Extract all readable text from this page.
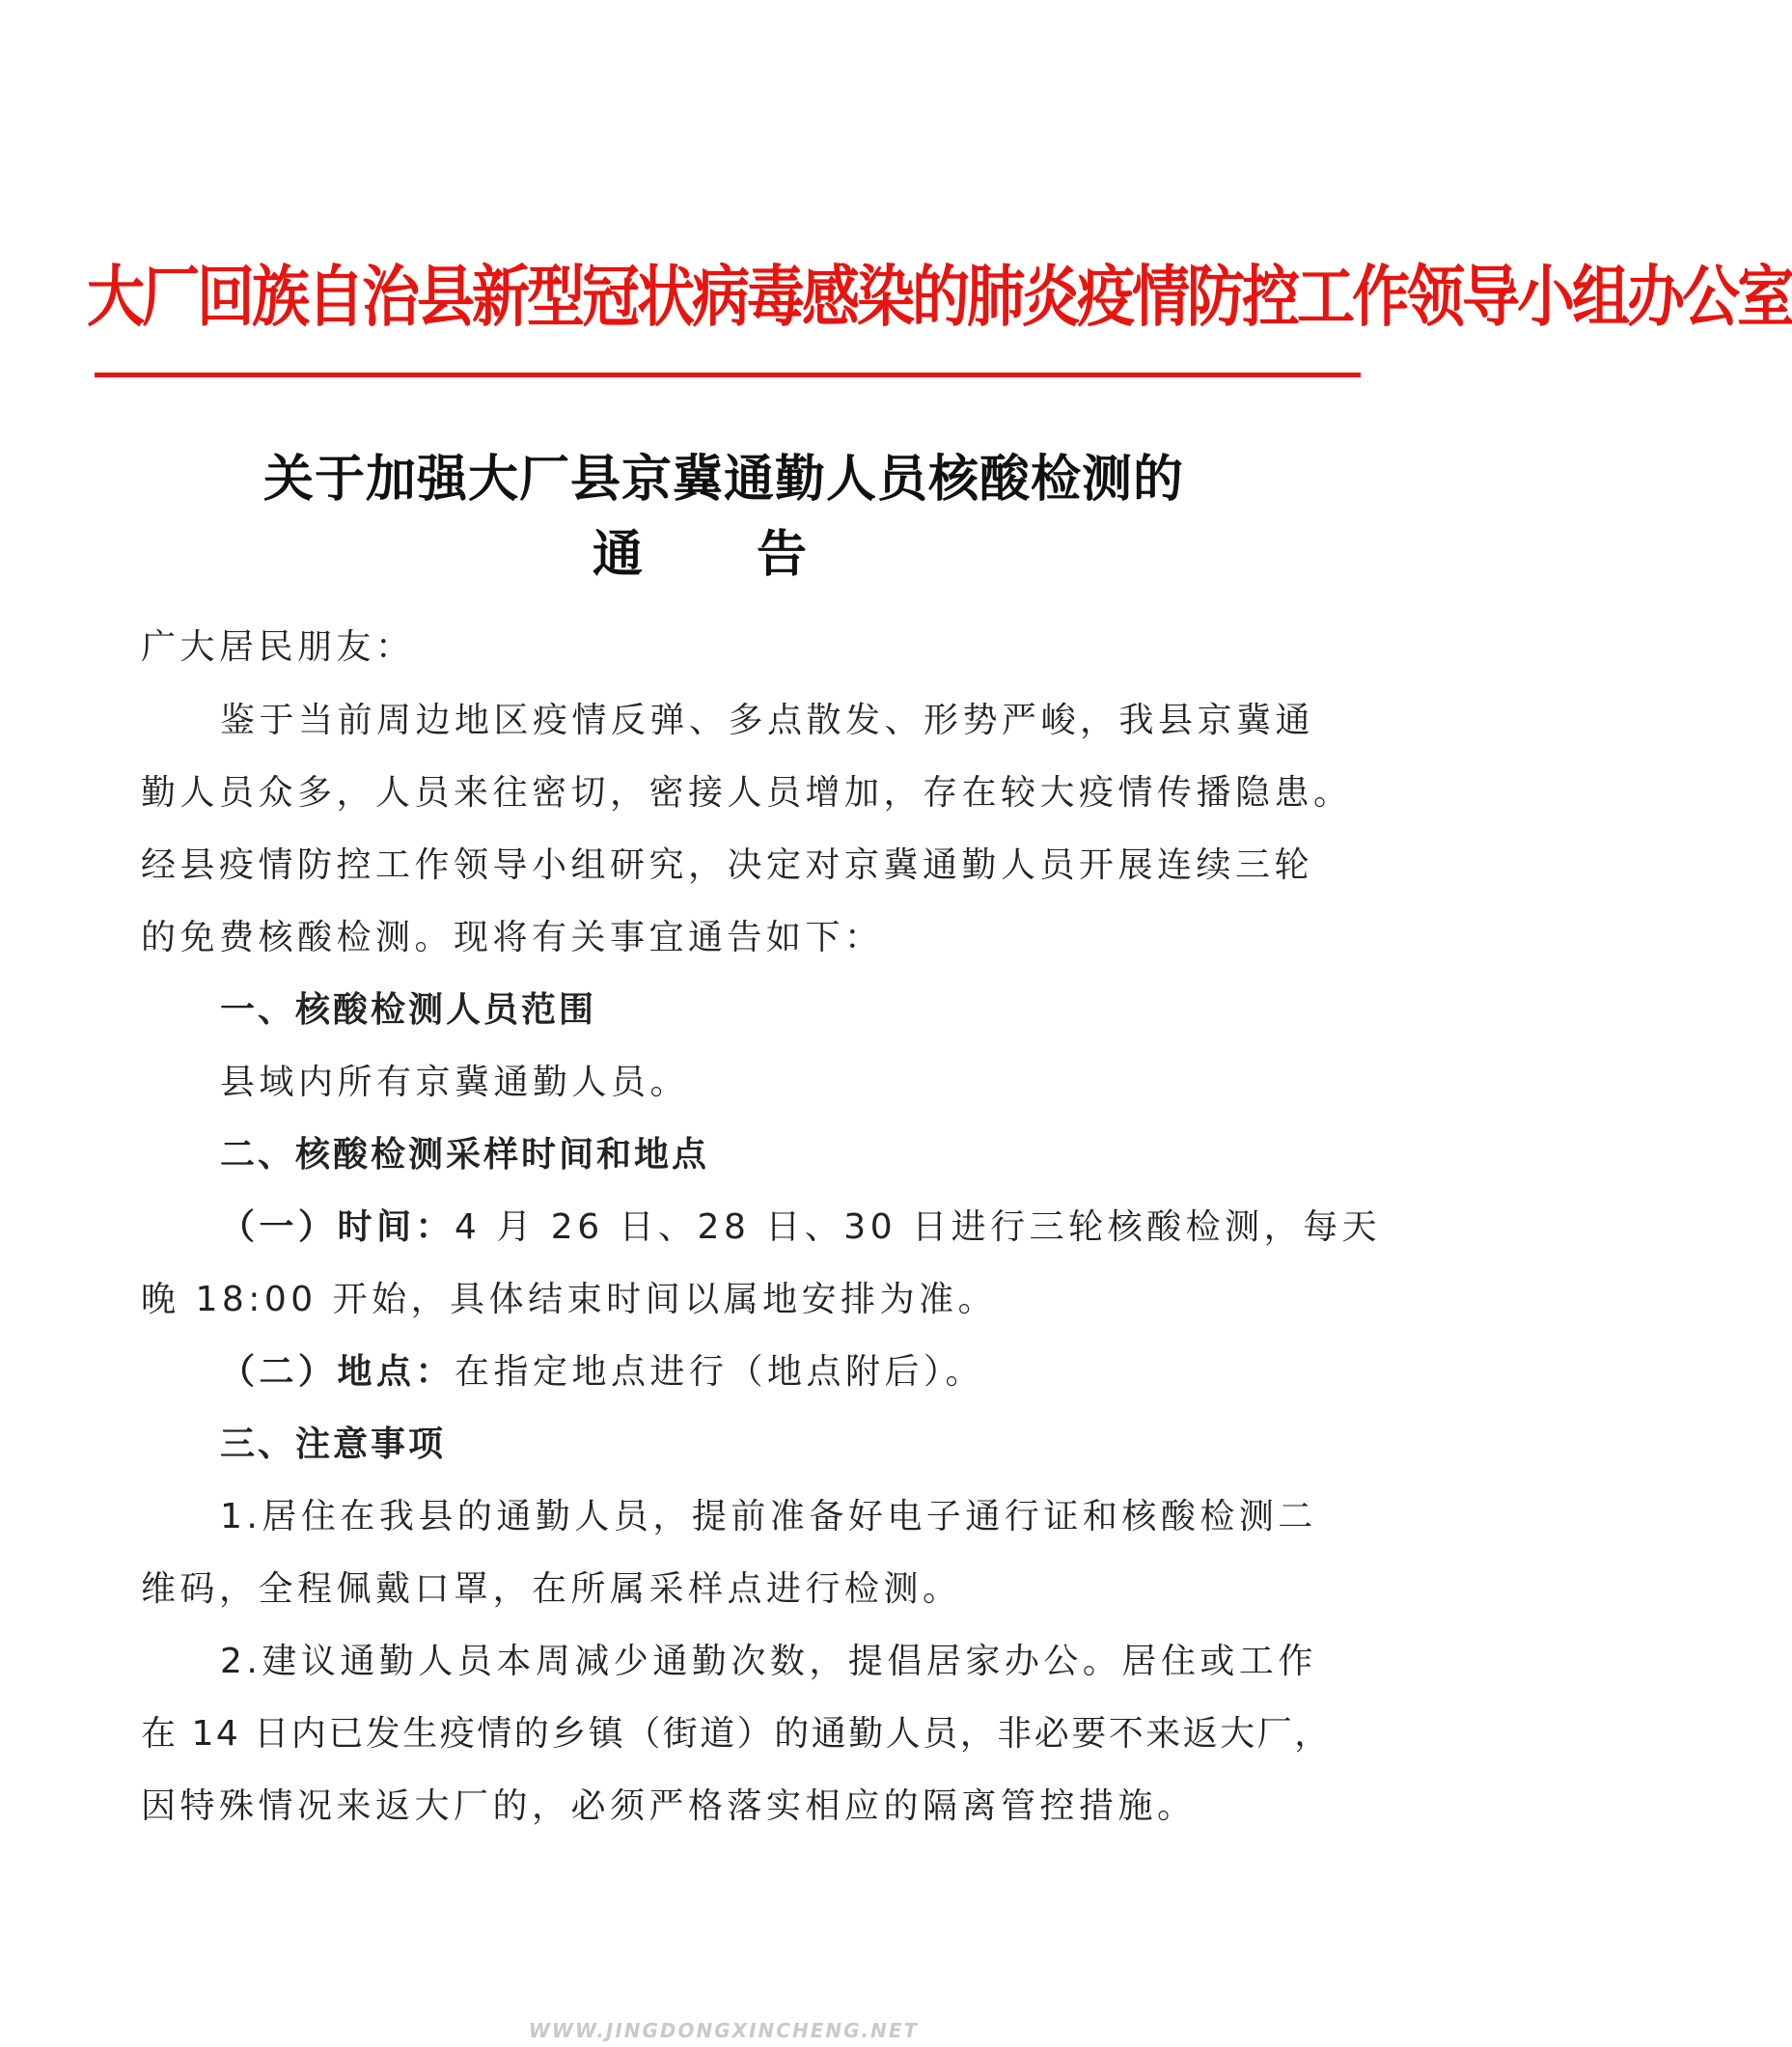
大厂回族自治县新型冠状病毒感染的肺炎疫情防控工作领导小组办公室
关于加强大厂县京冀通勤人员核酸检测的
通 告
广大居民朋友：
鉴于当前周边地区疫情反弹、多点散发、形势严峻，我县京冀通
勤人员众多，人员来往密切，密接人员增加，存在较大疫情传播隐患。
经县疫情防控工作领导小组研究，决定对京冀通勤人员开展连续三轮
的免费核酸检测。现将有关事宜通告如下：
一、核酸检测人员范围
县域内所有京冀通勤人员。
二、核酸检测采样时间和地点
（一）时间：4 月 26 日、28 日、30 日进行三轮核酸检测，每天
晚 18:00 开始，具体结束时间以属地安排为准。
（二）地点：在指定地点进行（地点附后）。
三、注意事项
1.居住在我县的通勤人员，提前准备好电子通行证和核酸检测二
维码，全程佩戴口罩，在所属采样点进行检测。
2.建议通勤人员本周减少通勤次数，提倡居家办公。居住或工作
在 14 日内已发生疫情的乡镇（街道）的通勤人员，非必要不来返大厂，
因特殊情况来返大厂的，必须严格落实相应的隔离管控措施。
WWW.JINGDONGXINCHENG.NET
